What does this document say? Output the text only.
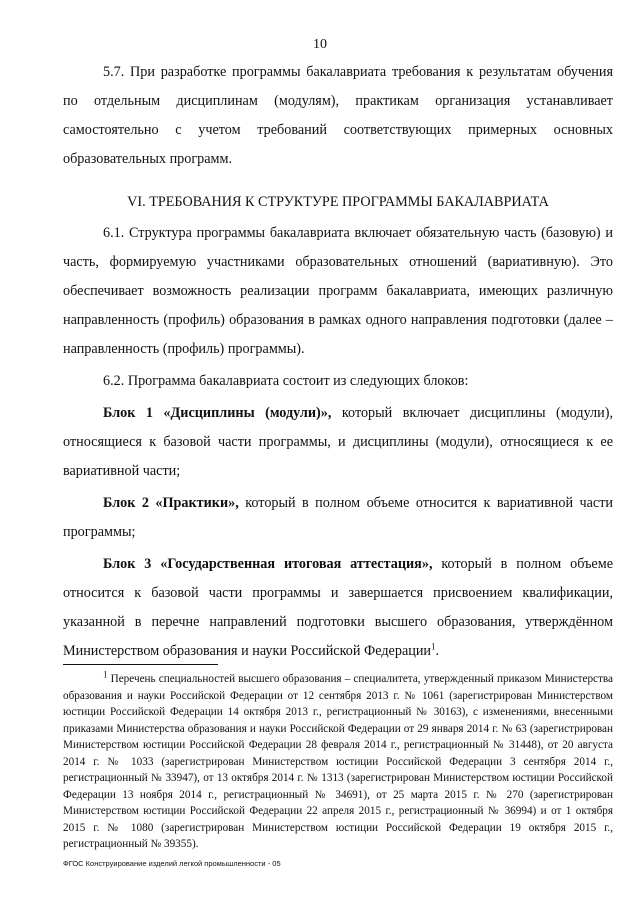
10

5.7. При разработке программы бакалавриата требования к результатам обучения по отдельным дисциплинам (модулям), практикам организация устанавливает самостоятельно с учетом требований соответствующих примерных основных образовательных программ.

VI. ТРЕБОВАНИЯ К СТРУКТУРЕ ПРОГРАММЫ БАКАЛАВРИАТА

6.1. Структура программы бакалавриата включает обязательную часть (базовую) и часть, формируемую участниками образовательных отношений (вариативную). Это обеспечивает возможность реализации программ бакалавриата, имеющих различную направленность (профиль) образования в рамках одного направления подготовки (далее – направленность (профиль) программы).

6.2. Программа бакалавриата состоит из следующих блоков:

Блок 1 «Дисциплины (модули)», который включает дисциплины (модули), относящиеся к базовой части программы, и дисциплины (модули), относящиеся к ее вариативной части;

Блок 2 «Практики», который в полном объеме относится к вариативной части программы;

Блок 3 «Государственная итоговая аттестация», который в полном объеме относится к базовой части программы и завершается присвоением квалификации, указанной в перечне направлений подготовки высшего образования, утверждённом Министерством образования и науки Российской Федерации$^1$.

$^1$ Перечень специальностей высшего образования – специалитета, утвержденный приказом Министерства образования и науки Российской Федерации от 12 сентября 2013 г. № 1061 (зарегистрирован Министерством юстиции Российской Федерации 14 октября 2013 г., регистрационный № 30163), с изменениями, внесенными приказами Министерства образования и науки Российской Федерации от 29 января 2014 г. № 63 (зарегистрирован Министерством юстиции Российской Федерации 28 февраля 2014 г., регистрационный № 31448), от 20 августа 2014 г. № 1033 (зарегистрирован Министерством юстиции Российской Федерации 3 сентября 2014 г., регистрационный № 33947), от 13 октября 2014 г. № 1313 (зарегистрирован Министерством юстиции Российской Федерации 13 ноября 2014 г., регистрационный № 34691), от 25 марта 2015 г. № 270 (зарегистрирован Министерством юстиции Российской Федерации 22 апреля 2015 г., регистрационный № 36994) и от 1 октября 2015 г. № 1080 (зарегистрирован Министерством юстиции Российской Федерации 19 октября 2015 г., регистрационный № 39355).

ФГОС Конструирование изделий легкой промышленности - 05
